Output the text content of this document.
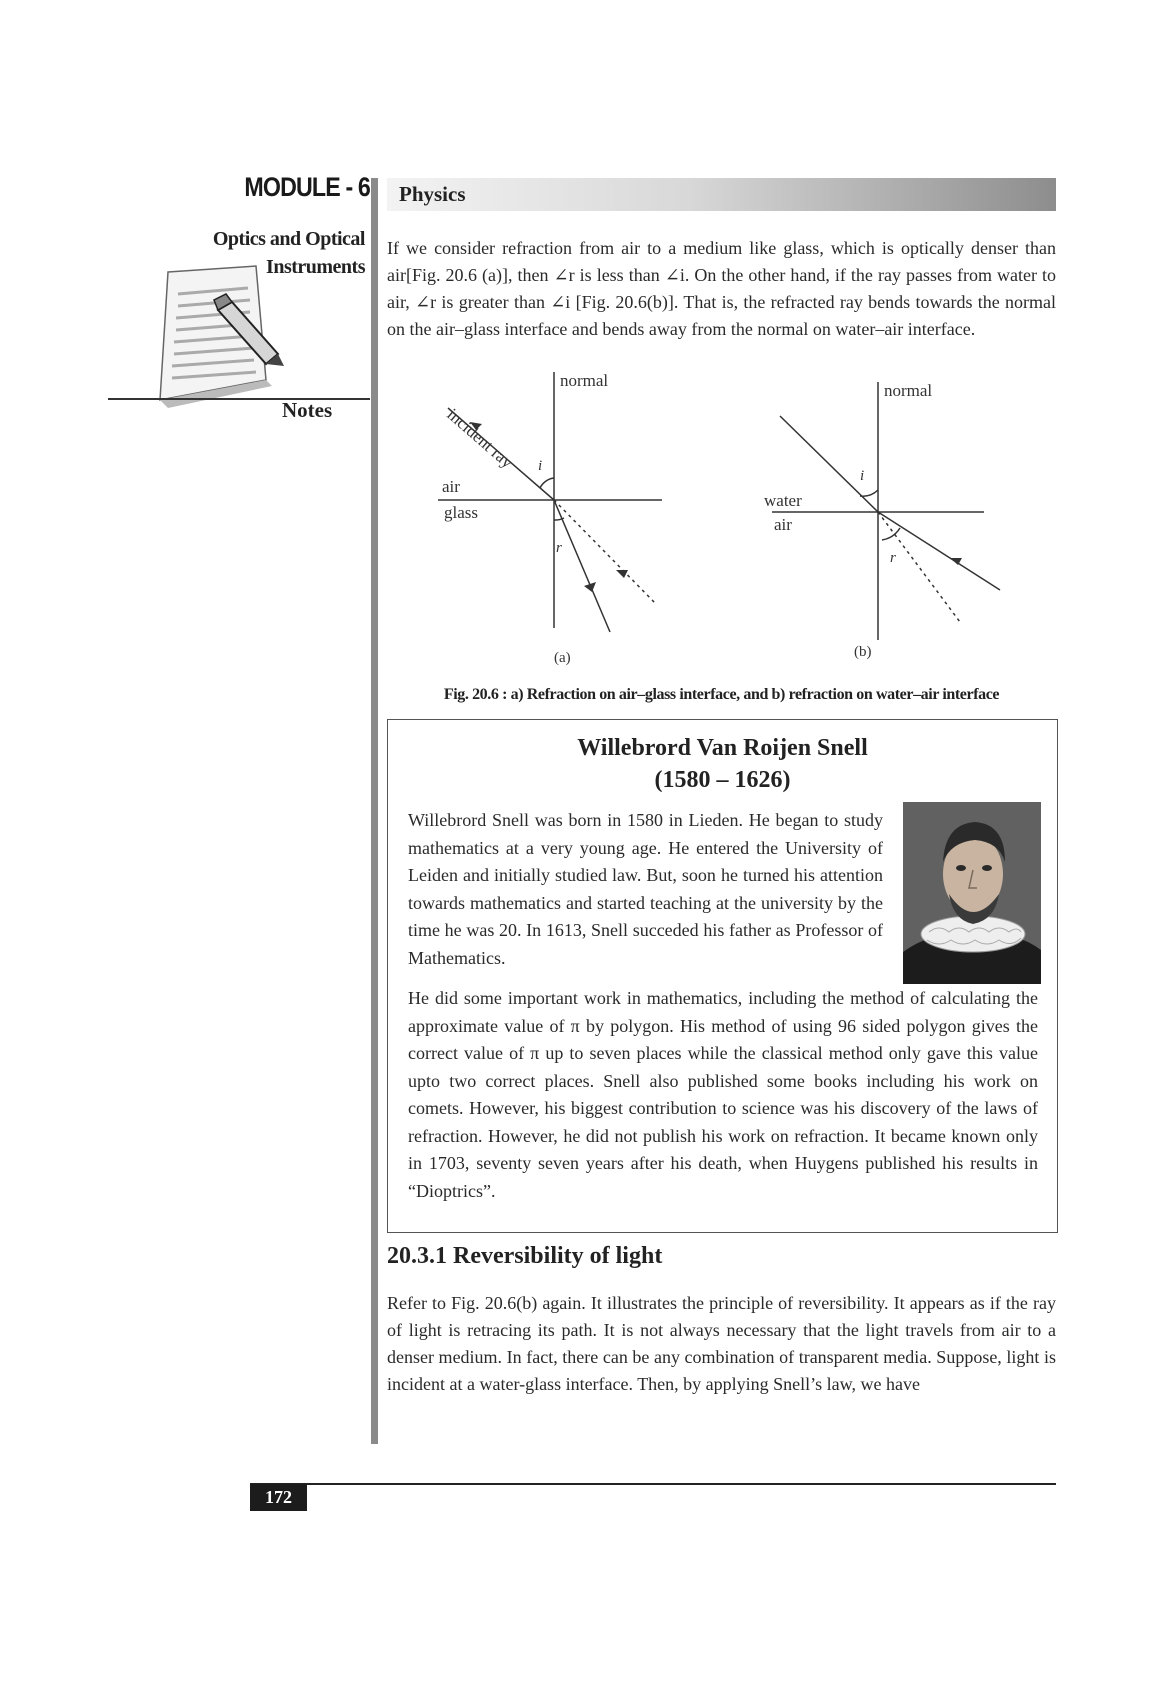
MODULE - 6
Optics and Optical
Instruments
Notes
Physics

If we consider refraction from air to a medium like glass, which is optically denser than air[Fig. 20.6 (a)], then ∠r is less than ∠i. On the other hand, if the ray passes from water to air, ∠r is greater than ∠i [Fig. 20.6(b)]. That is, the refracted ray bends towards the normal on the air–glass interface and bends away from the normal on water–air interface.

normal
incident ray
air
glass
i
r
(a)
normal
water
air
i
r
(b)
Fig. 20.6 : a) Refraction on air–glass interface, and b) refraction on water–air interface
Willebrord Van Roijen Snell
(1580 – 1626)

Willebrord Snell was born in 1580 in Lieden. He began to study mathematics at a very young age. He entered the University of Leiden and initially studied law. But, soon he turned his attention towards mathematics and started teaching at the university by the time he was 20. In 1613, Snell succeded his father as Professor of Mathematics.

He did some important work in mathematics, including the method of calculating the approximate value of π by polygon. His method of using 96 sided polygon gives the correct value of π up to seven places while the classical method only gave this value upto two correct places. Snell also published some books including his work on comets. However, his biggest contribution to science was his discovery of the laws of refraction. However, he did not publish his work on refraction. It became known only in 1703, seventy seven years after his death, when Huygens published his results in “Dioptrics”.

20.3.1 Reversibility of light

Refer to Fig. 20.6(b) again. It illustrates the principle of reversibility. It appears as if the ray of light is retracing its path. It is not always necessary that the light travels from air to a denser medium. In fact, there can be any combination of transparent media. Suppose, light is incident at a water-glass interface. Then, by applying Snell’s law, we have

172
